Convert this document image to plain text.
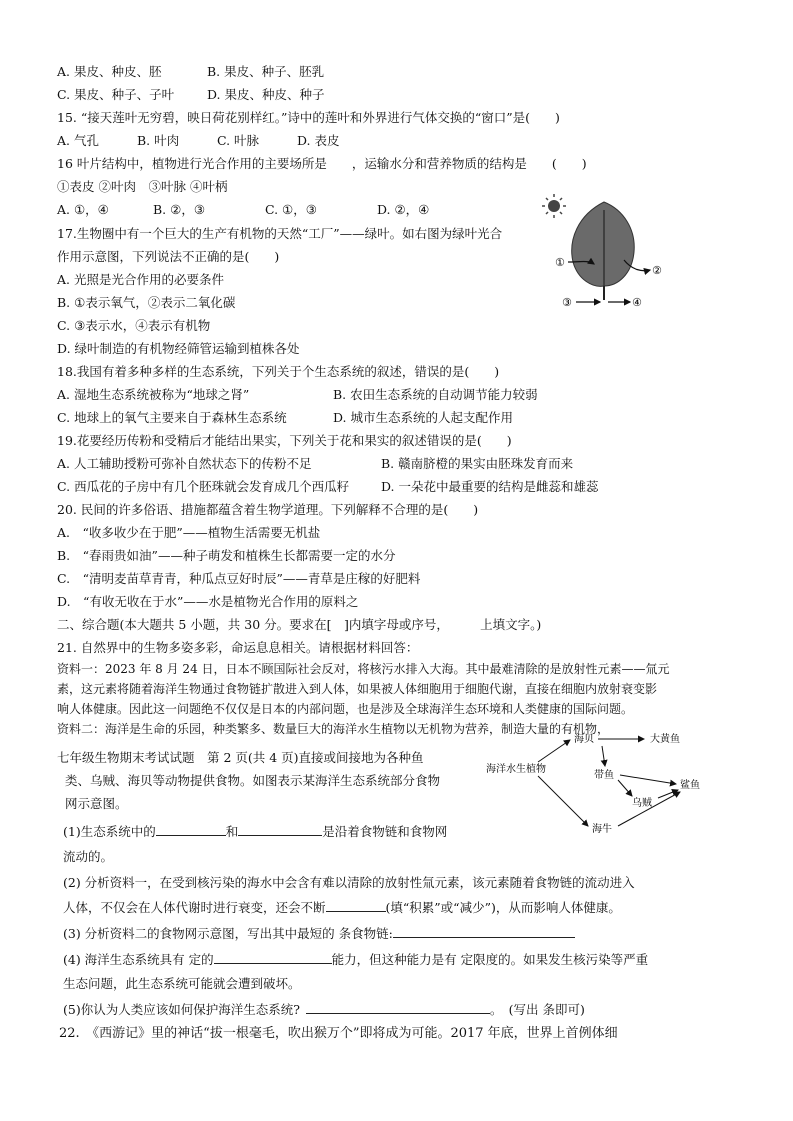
A. 果皮、种皮、胚	B. 果皮、种子、胚乳
C. 果皮、种子、子叶	D. 果皮、种皮、种子
15. “接天莲叶无穷碧，映日荷花别样红。”诗中的莲叶和外界进行气体交换的“窗口”是(　　)
A. 气孔	B. 叶肉	C. 叶脉	D. 表皮
16 叶片结构中，植物进行光合作用的主要场所是　　，运输水分和营养物质的结构是　　(　　)
①表皮 ②叶肉　③叶脉 ④叶柄
A. ①，④	B. ②，③	C. ①，③	D. ②，④
17.生物圈中有一个巨大的生产有机物的天然“工厂”——绿叶。如右图为绿叶光合
作用示意图，下列说法不正确的是(　　)
A. 光照是光合作用的必要条件
B. ①表示氧气，②表示二氧化碳
C. ③表示水，④表示有机物
D. 绿叶制造的有机物经筛管运输到植株各处
18.我国有着多种多样的生态系统，下列关于个生态系统的叙述，错误的是(　　)
A. 湿地生态系统被称为“地球之肾”	B. 农田生态系统的自动调节能力较弱
C. 地球上的氧气主要来自于森林生态系统	D. 城市生态系统的人起支配作用
19.花要经历传粉和受精后才能结出果实，下列关于花和果实的叙述错误的是(　　)
A. 人工辅助授粉可弥补自然状态下的传粉不足	B. 赣南脐橙的果实由胚珠发育而来
C. 西瓜花的子房中有几个胚珠就会发育成几个西瓜籽	D. 一朵花中最重要的结构是雌蕊和雄蕊
20. 民间的许多俗语、措施都蕴含着生物学道理。下列解释不合理的是(　　)
A.　“收多收少在于肥”——植物生活需要无机盐
B.　“春雨贵如油”——种子萌发和植株生长都需要一定的水分
C.　“清明麦苗草青青，种瓜点豆好时辰”——青草是庄稼的好肥料
D.　“有收无收在于水”——水是植物光合作用的原料之
二、综合题(本大题共 5 小题，共 30 分。要求在[　]内填字母或序号，　　　上填文字。)
21. 自然界中的生物多姿多彩，命运息息相关。请根据材料回答：
资料一：2023 年 8 月 24 日，日本不顾国际社会反对，将核污水排入大海。其中最难清除的是放射性元素——氚元
素，这元素将随着海洋生物通过食物链扩散进入到人体，如果被人体细胞用于细胞代谢，直接在细胞内放射衰变影
响人体健康。因此这一问题绝不仅仅是日本的内部问题，也是涉及全球海洋生态环境和人类健康的国际问题。
资料二：海洋是生命的乐园，种类繁多、数量巨大的海洋水生植物以无机物为营养，制造大量的有机物，
七年级生物期末考试试题　第 2 页(共 4 页)直接或间接地为各种鱼
类、乌贼、海贝等动物提供食物。如图表示某海洋生态系统部分食物
网示意图。
(1)生态系统中的	和	是沿着食物链和食物网
流动的。
(2) 分析资料一，在受到核污染的海水中会含有难以清除的放射性氚元素，该元素随着食物链的流动进入
人体，不仅会在人体代谢时进行衰变，还会不断	(填“积累”或“减少”)，从而影响人体健康。
(3) 分析资料二的食物网示意图，写出其中最短的 条食物链:
(4) 海洋生态系统具有 定的	能力，但这种能力是有 定限度的。如果发生核污染等严重
生态问题，此生态系统可能就会遭到破坏。
(5)你认为人类应该如何保护海洋生态系统?	。　(写出 条即可)
22.　《西游记》里的神话“拔一根毫毛，吹出猴万个”即将成为可能。2017 年底，世界上首例体细
①
②
③	④
海洋水生植物
海贝	大黄鱼
带鱼
鲨鱼
乌贼
海牛
